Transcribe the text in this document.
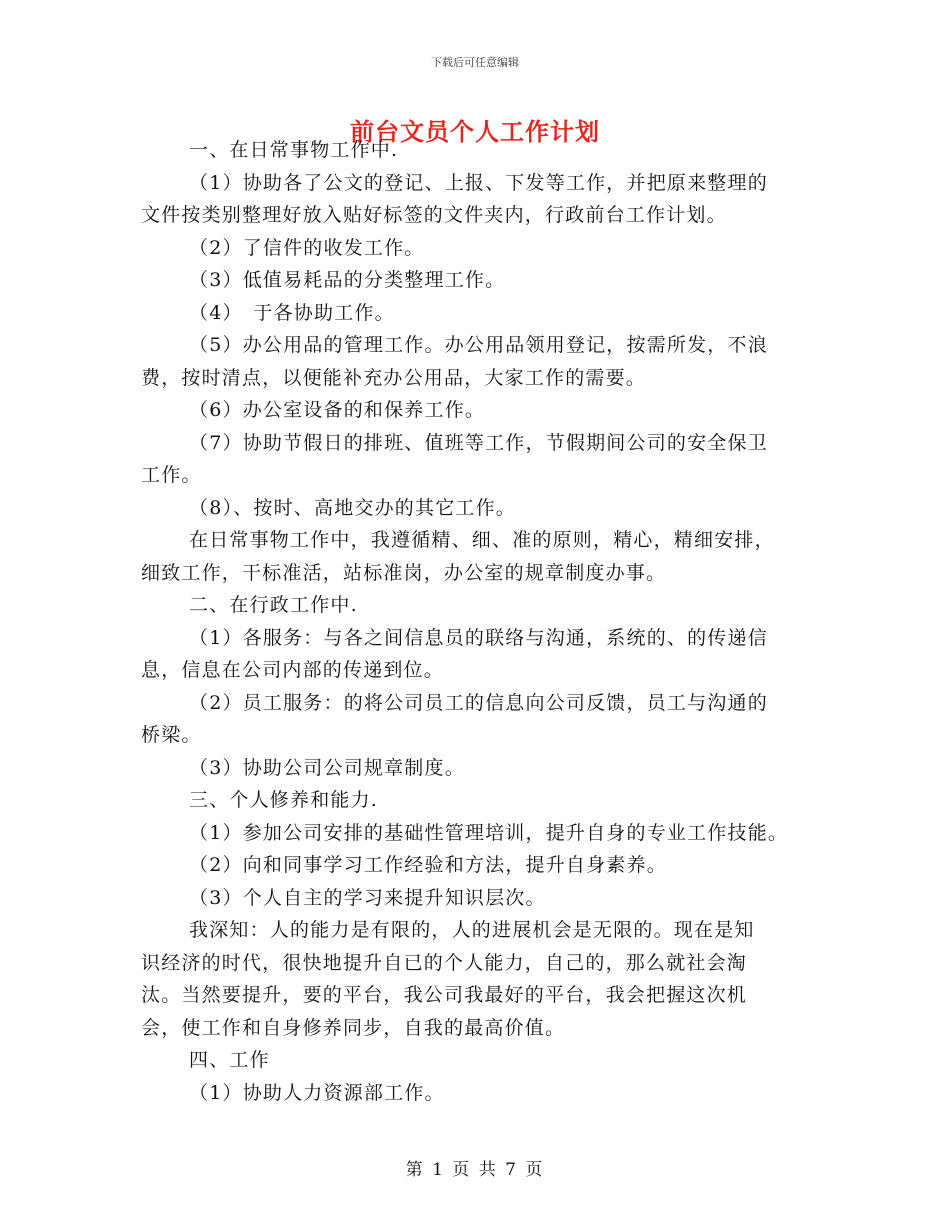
下载后可任意编辑
前台文员个人工作计划
一、在日常事物工作中.
（1）协助各了公文的登记、上报、下发等工作，并把原来整理的
文件按类别整理好放入贴好标签的文件夹内，行政前台工作计划。
（2）了信件的收发工作。
（3）低值易耗品的分类整理工作。
（4）　于各协助工作。
（5）办公用品的管理工作。办公用品领用登记，按需所发，不浪
费，按时清点，以便能补充办公用品，大家工作的需要。
（6）办公室设备的和保养工作。
（7）协助节假日的排班、值班等工作，节假期间公司的安全保卫
工作。
（8）、按时、高地交办的其它工作。
在日常事物工作中，我遵循精、细、准的原则，精心，精细安排，
细致工作，干标准活，站标准岗，办公室的规章制度办事。
二、在行政工作中.
（1）各服务：与各之间信息员的联络与沟通，系统的、的传递信
息，信息在公司内部的传递到位。
（2）员工服务：的将公司员工的信息向公司反馈，员工与沟通的
桥梁。
（3）协助公司公司规章制度。
三、个人修养和能力.
（1）参加公司安排的基础性管理培训，提升自身的专业工作技能。
（2）向和同事学习工作经验和方法，提升自身素养。
（3）个人自主的学习来提升知识层次。
我深知：人的能力是有限的，人的进展机会是无限的。现在是知
识经济的时代，很快地提升自已的个人能力，自己的，那么就社会淘
汰。当然要提升，要的平台，我公司我最好的平台，我会把握这次机
会，使工作和自身修养同步，自我的最高价值。
四、工作
（1）协助人力资源部工作。
第 1 页 共 7 页
